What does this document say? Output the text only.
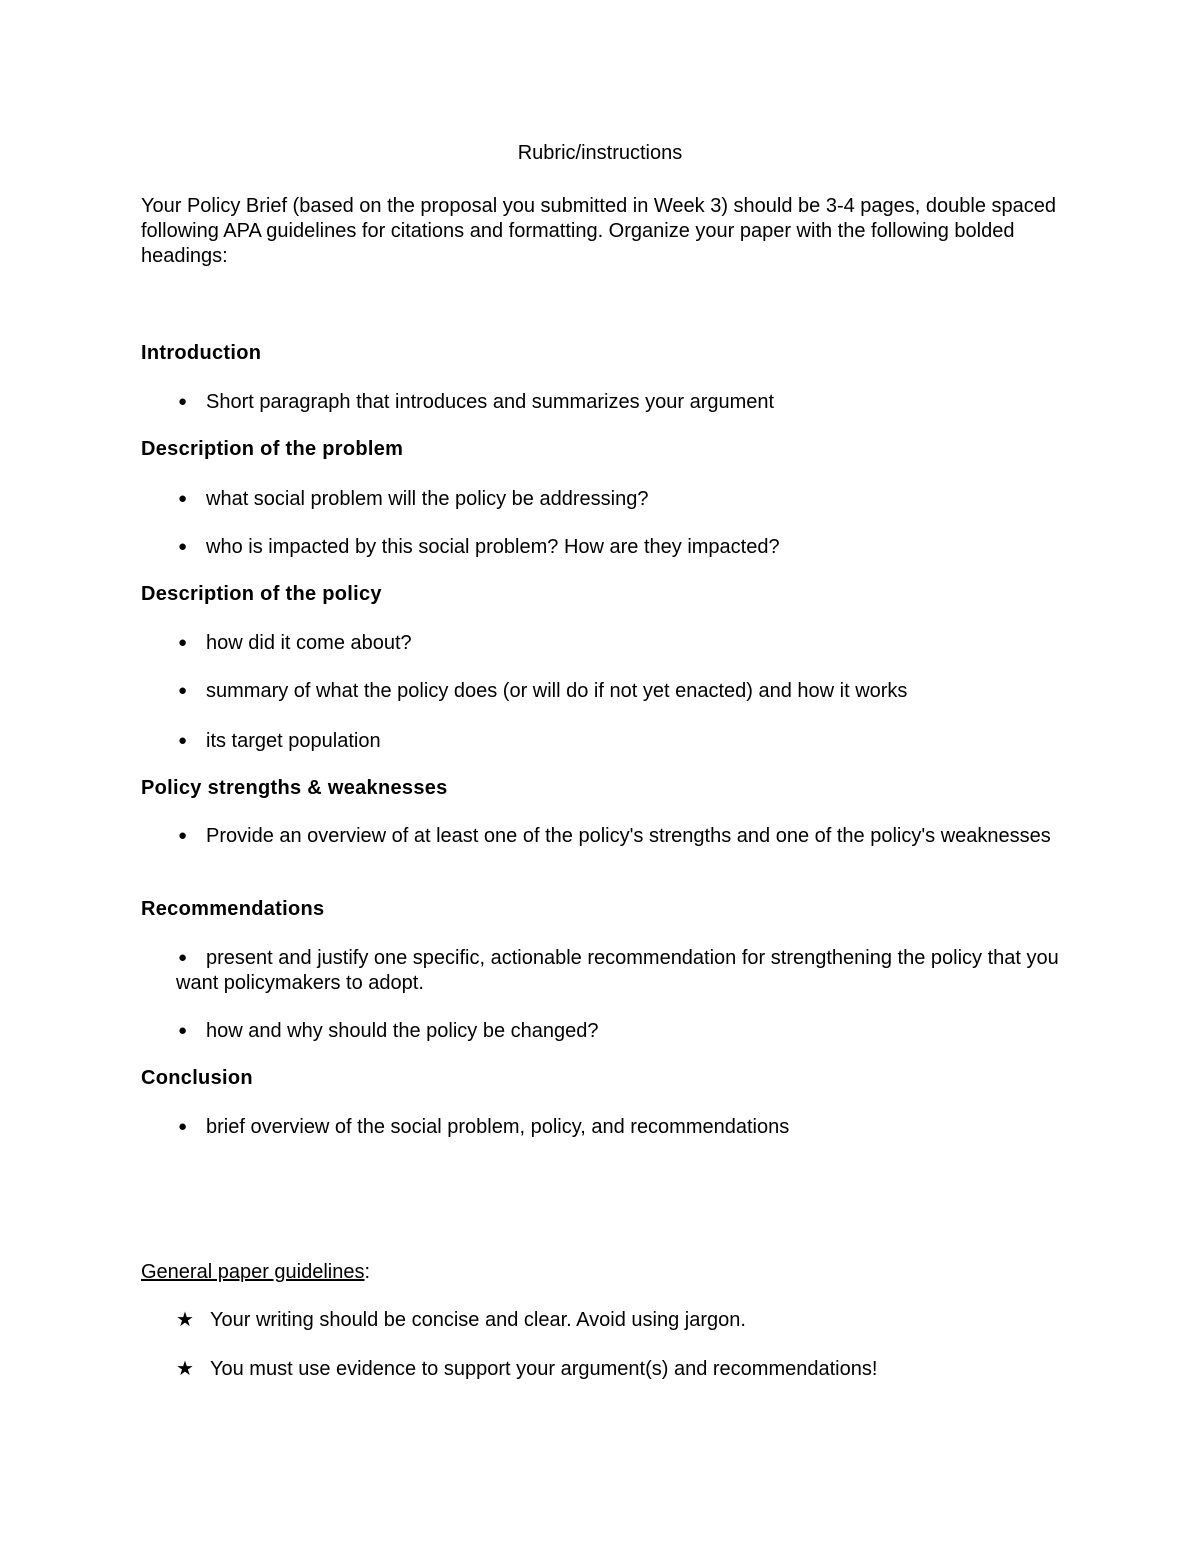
Rubric/instructions
Your Policy Brief (based on the proposal you submitted in Week 3) should be 3-4 pages, double spaced following APA guidelines for citations and formatting. Organize your paper with the following bolded headings:
Introduction
● Short paragraph that introduces and summarizes your argument
Description of the problem
● what social problem will the policy be addressing?
● who is impacted by this social problem? How are they impacted?
Description of the policy
● how did it come about?
● summary of what the policy does (or will do if not yet enacted) and how it works
● its target population
Policy strengths & weaknesses
● Provide an overview of at least one of the policy's strengths and one of the policy's weaknesses
Recommendations
● present and justify one specific, actionable recommendation for strengthening the policy that you want policymakers to adopt.
● how and why should the policy be changed?
Conclusion
● brief overview of the social problem, policy, and recommendations
General paper guidelines:
★ Your writing should be concise and clear. Avoid using jargon.
★ You must use evidence to support your argument(s) and recommendations!
